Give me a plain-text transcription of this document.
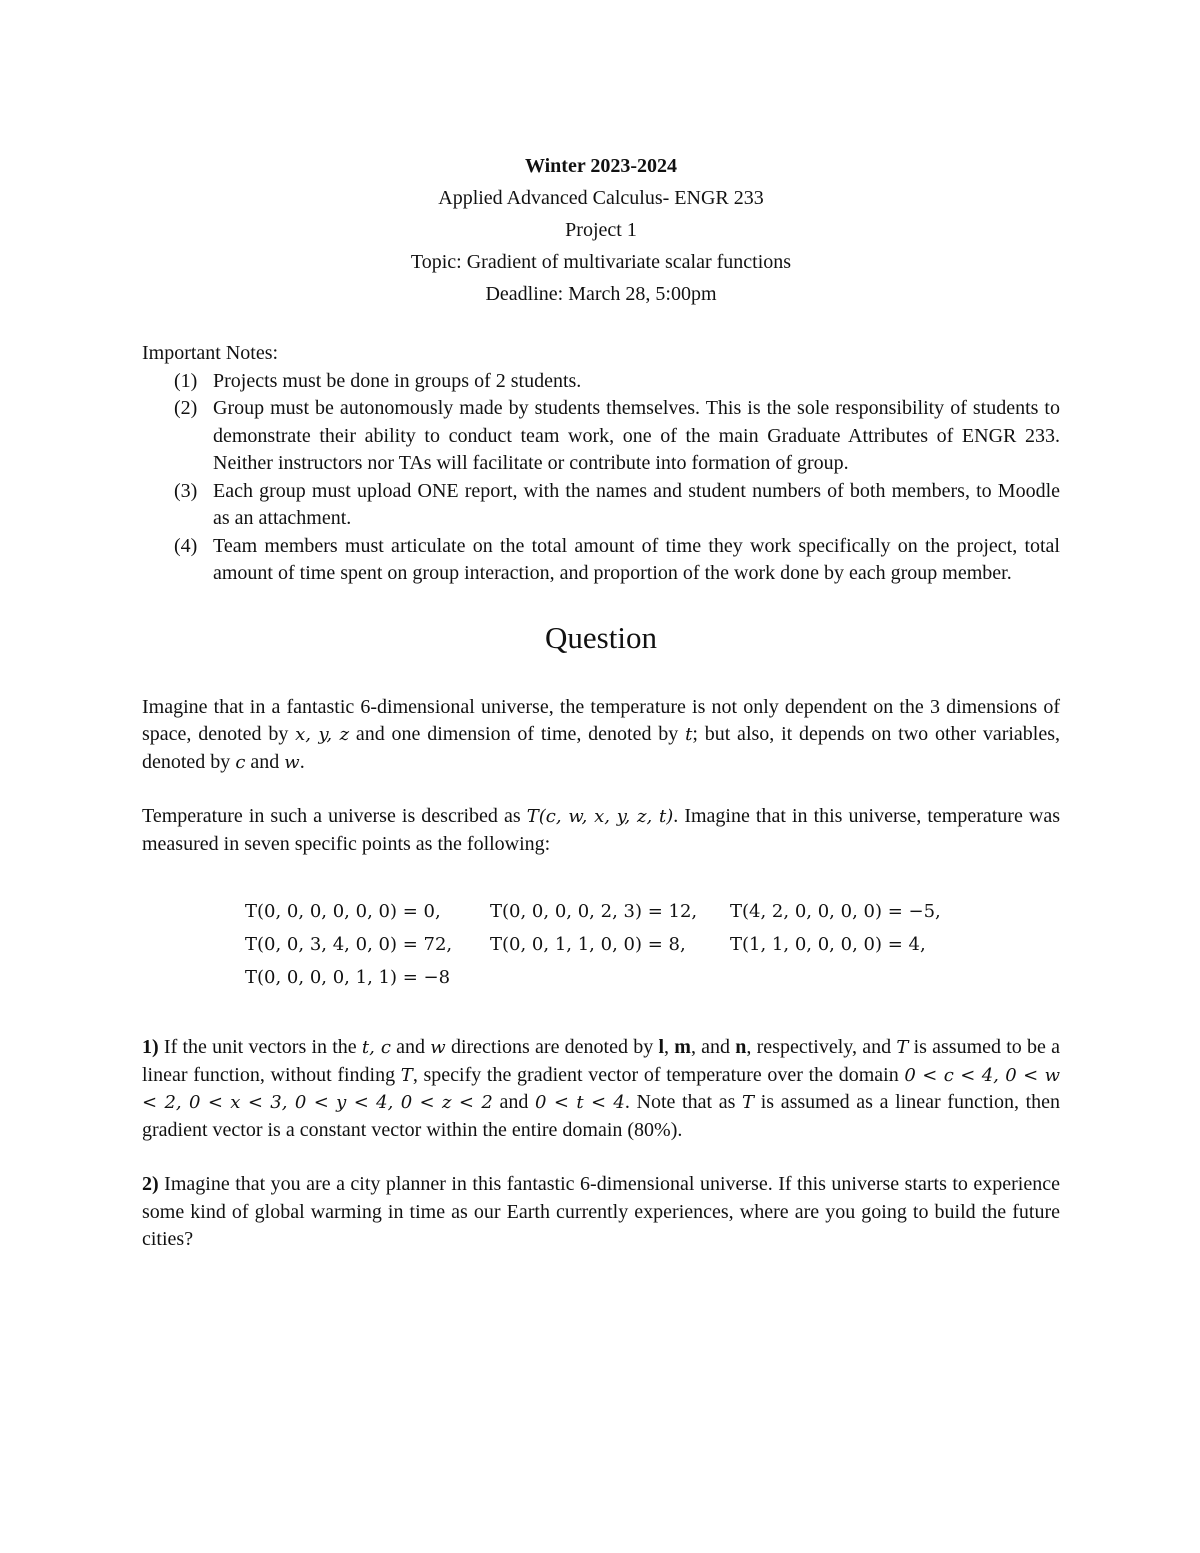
Winter 2023-2024
Applied Advanced Calculus- ENGR 233
Project 1
Topic: Gradient of multivariate scalar functions
Deadline: March 28, 5:00pm
Important Notes:
(1) Projects must be done in groups of 2 students.
(2) Group must be autonomously made by students themselves. This is the sole responsibility of students to demonstrate their ability to conduct team work, one of the main Graduate Attributes of ENGR 233. Neither instructors nor TAs will facilitate or contribute into formation of group.
(3) Each group must upload ONE report, with the names and student numbers of both members, to Moodle as an attachment.
(4) Team members must articulate on the total amount of time they work specifically on the project, total amount of time spent on group interaction, and proportion of the work done by each group member.
Question

Imagine that in a fantastic 6-dimensional universe, the temperature is not only dependent on the 3 dimensions of space, denoted by x, y, z and one dimension of time, denoted by t; but also, it depends on two other variables, denoted by c and w.

Temperature in such a universe is described as T(c, w, x, y, z, t). Imagine that in this universe, temperature was measured in seven specific points as the following:

T(0, 0, 0, 0, 0, 0) = 0,	T(0, 0, 0, 0, 2, 3) = 12, T(4, 2, 0, 0, 0, 0) = −5,
T(0, 0, 3, 4, 0, 0) = 72, T(0, 0, 1, 1, 0, 0) = 8, T(1, 1, 0, 0, 0, 0) = 4,
T(0, 0, 0, 0, 1, 1) = −8

1) If the unit vectors in the t, c and w directions are denoted by l, m, and n, respectively, and T is assumed to be a linear function, without finding T, specify the gradient vector of temperature over the domain 0 < c < 4, 0 < w < 2, 0 < x < 3, 0 < y < 4, 0 < z < 2 and 0 < t < 4. Note that as T is assumed as a linear function, then gradient vector is a constant vector within the entire domain (80%).

2) Imagine that you are a city planner in this fantastic 6-dimensional universe. If this universe starts to experience some kind of global warming in time as our Earth currently experiences, where are you going to build the future cities?
